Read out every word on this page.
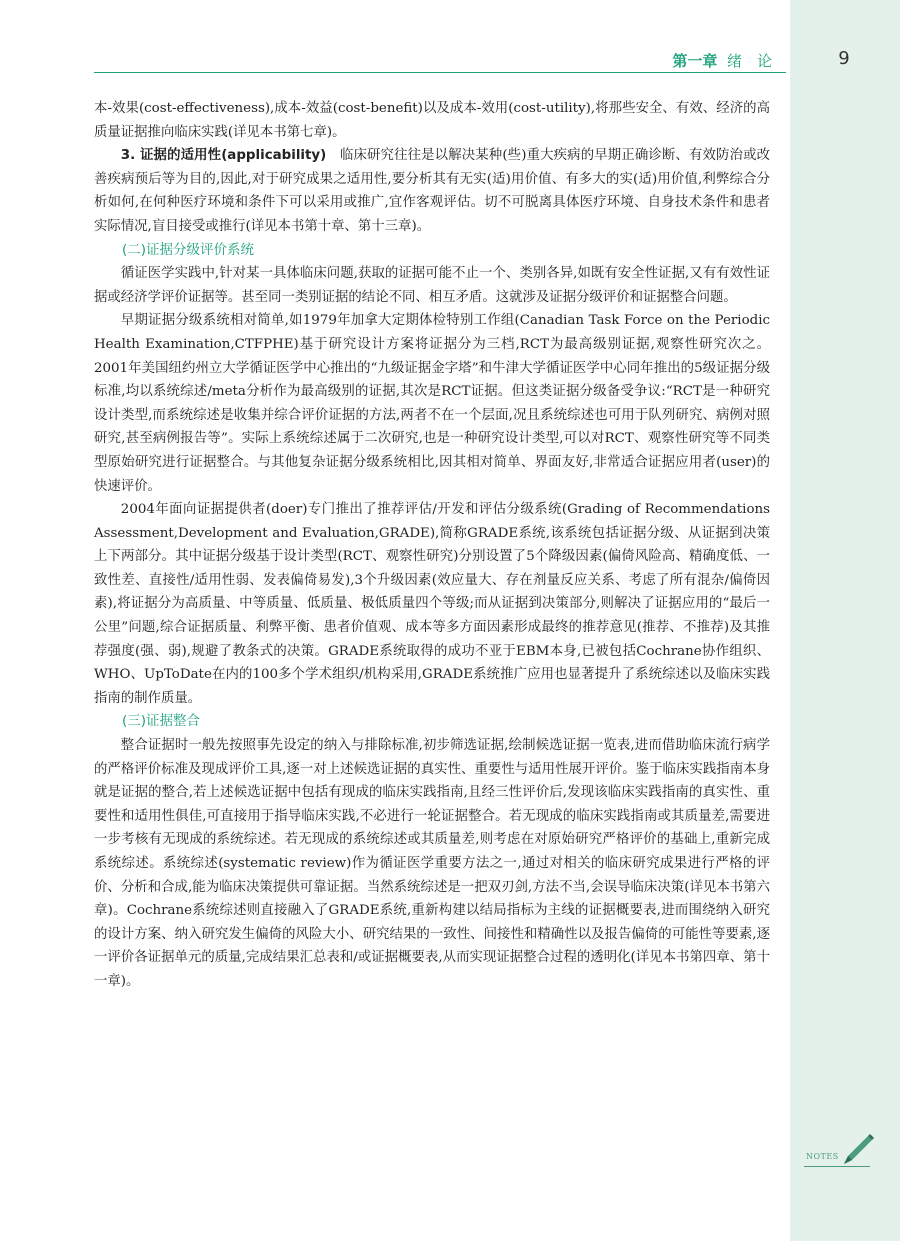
第一章 绪　论	9

本-效果(cost-effectiveness),成本-效益(cost-benefit)以及成本-效用(cost-utility),将那些安全、有效、经济的高质量证据推向临床实践(详见本书第七章)。

3. 证据的适用性(applicability)　临床研究往往是以解决某种(些)重大疾病的早期正确诊断、有效防治或改善疾病预后等为目的,因此,对于研究成果之适用性,要分析其有无实(适)用价值、有多大的实(适)用价值,利弊综合分析如何,在何种医疗环境和条件下可以采用或推广,宜作客观评估。切不可脱离具体医疗环境、自身技术条件和患者实际情况,盲目接受或推行(详见本书第十章、第十三章)。

(二)证据分级评价系统

循证医学实践中,针对某一具体临床问题,获取的证据可能不止一个、类别各异,如既有安全性证据,又有有效性证据或经济学评价证据等。甚至同一类别证据的结论不同、相互矛盾。这就涉及证据分级评价和证据整合问题。

早期证据分级系统相对简单,如1979年加拿大定期体检特别工作组(Canadian Task Force on the Periodic Health Examination,CTFPHE)基于研究设计方案将证据分为三档,RCT为最高级别证据,观察性研究次之。2001年美国纽约州立大学循证医学中心推出的“九级证据金字塔”和牛津大学循证医学中心同年推出的5级证据分级标准,均以系统综述/meta分析作为最高级别的证据,其次是RCT证据。但这类证据分级备受争议:“RCT是一种研究设计类型,而系统综述是收集并综合评价证据的方法,两者不在一个层面,况且系统综述也可用于队列研究、病例对照研究,甚至病例报告等”。实际上系统综述属于二次研究,也是一种研究设计类型,可以对RCT、观察性研究等不同类型原始研究进行证据整合。与其他复杂证据分级系统相比,因其相对简单、界面友好,非常适合证据应用者(user)的快速评价。

2004年面向证据提供者(doer)专门推出了推荐评估/开发和评估分级系统(Grading of Recommendations Assessment,Development and Evaluation,GRADE),简称GRADE系统,该系统包括证据分级、从证据到决策上下两部分。其中证据分级基于设计类型(RCT、观察性研究)分别设置了5个降级因素(偏倚风险高、精确度低、一致性差、直接性/适用性弱、发表偏倚易发),3个升级因素(效应量大、存在剂量反应关系、考虑了所有混杂/偏倚因素),将证据分为高质量、中等质量、低质量、极低质量四个等级;而从证据到决策部分,则解决了证据应用的“最后一公里”问题,综合证据质量、利弊平衡、患者价值观、成本等多方面因素形成最终的推荐意见(推荐、不推荐)及其推荐强度(强、弱),规避了教条式的决策。GRADE系统取得的成功不亚于EBM本身,已被包括Cochrane协作组织、WHO、UpToDate在内的100多个学术组织/机构采用,GRADE系统推广应用也显著提升了系统综述以及临床实践指南的制作质量。

(三)证据整合

整合证据时一般先按照事先设定的纳入与排除标准,初步筛选证据,绘制候选证据一览表,进而借助临床流行病学的严格评价标准及现成评价工具,逐一对上述候选证据的真实性、重要性与适用性展开评价。鉴于临床实践指南本身就是证据的整合,若上述候选证据中包括有现成的临床实践指南,且经三性评价后,发现该临床实践指南的真实性、重要性和适用性俱佳,可直接用于指导临床实践,不必进行一轮证据整合。若无现成的临床实践指南或其质量差,需要进一步考核有无现成的系统综述。若无现成的系统综述或其质量差,则考虑在对原始研究严格评价的基础上,重新完成系统综述。系统综述(systematic review)作为循证医学重要方法之一,通过对相关的临床研究成果进行严格的评价、分析和合成,能为临床决策提供可靠证据。当然系统综述是一把双刃剑,方法不当,会误导临床决策(详见本书第六章)。Cochrane系统综述则直接融入了GRADE系统,重新构建以结局指标为主线的证据概要表,进而围绕纳入研究的设计方案、纳入研究发生偏倚的风险大小、研究结果的一致性、间接性和精确性以及报告偏倚的可能性等要素,逐一评价各证据单元的质量,完成结果汇总表和/或证据概要表,从而实现证据整合过程的透明化(详见本书第四章、第十一章)。

NOTES
